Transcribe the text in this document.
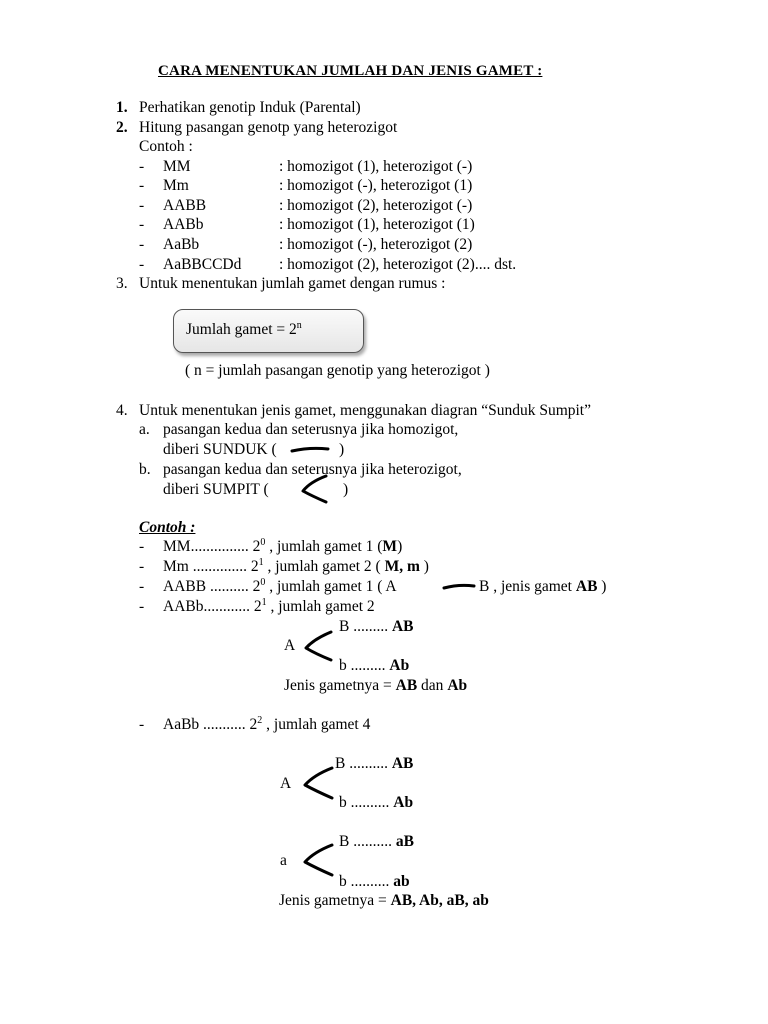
CARA MENENTUKAN JUMLAH DAN JENIS GAMET :
1. Perhatikan genotip Induk (Parental)
2. Hitung pasangan genotp yang heterozigot
Contoh :
- MM	: homozigot (1), heterozigot (-)
- Mm	: homozigot (-), heterozigot (1)
- AABB	: homozigot (2), heterozigot (-)
- AABb	: homozigot (1), heterozigot (1)
- AaBb	: homozigot (-), heterozigot (2)
- AaBBCCDd : homozigot (2), heterozigot (2).... dst.
3. Untuk menentukan jumlah gamet dengan rumus :
Jumlah gamet = $2^n$
( n = jumlah pasangan genotip yang heterozigot )
4. Untuk menentukan jenis gamet, menggunakan diagran “Sunduk Sumpit”
a. pasangan kedua dan seterusnya jika homozigot,
diberi SUNDUK (	)
b. pasangan kedua dan seterusnya jika heterozigot,
diberi SUMPIT (	)
Contoh :
- MM............... $2^0$ , jumlah gamet 1 (M)
- Mm .............. $2^1$ , jumlah gamet 2 ( M, m )
- AABB .......... $2^0$ , jumlah gamet 1 ( A	B , jenis gamet AB )
- AABb............ $2^1$ , jumlah gamet 2
A
B ......... AB
b ......... Ab
Jenis gametnya = AB dan Ab
- AaBb ........... $2^2$ , jumlah gamet 4
A
B .......... AB
b .......... Ab
a
B .......... aB
b .......... ab
Jenis gametnya = AB, Ab, aB, ab
